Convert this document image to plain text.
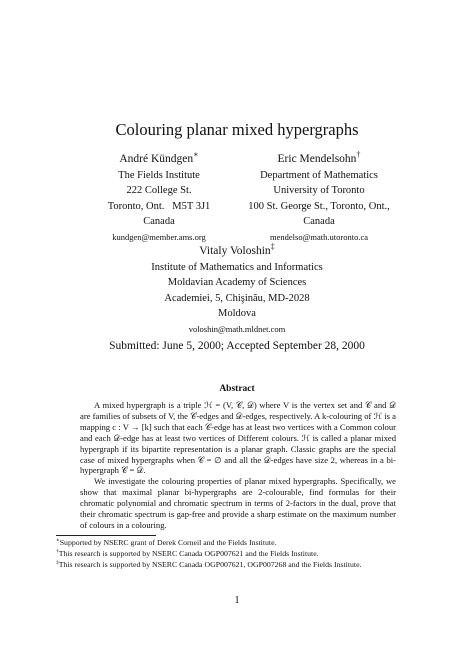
Colouring planar mixed hypergraphs
André Kündgen∗
The Fields Institute
222 College St.
Toronto, Ont.   M5T 3J1
Canada
kundgen@member.ams.org
Eric Mendelsohn†
Department of Mathematics
University of Toronto
100 St. George St., Toronto, Ont.,
Canada
mendelso@math.utoronto.ca
Vitaly Voloshin‡
Institute of Mathematics and Informatics
Moldavian Academy of Sciences
Academiei, 5, Chişinău, MD-2028
Moldova
voloshin@math.mldnet.com
Submitted: June 5, 2000; Accepted September 28, 2000
Abstract

A mixed hypergraph is a triple ℋ = (V, 𝒞, 𝒟) where V is the vertex set and 𝒞 and 𝒟 are families of subsets of V, the 𝒞-edges and 𝒟-edges, respectively. A k-colouring of ℋ is a mapping c : V → [k] such that each 𝒞-edge has at least two vertices with a Common colour and each 𝒟-edge has at least two vertices of Different colours. ℋ is called a planar mixed hypergraph if its bipartite representation is a planar graph. Classic graphs are the special case of mixed hypergraphs when 𝒞 = ∅ and all the 𝒟-edges have size 2, whereas in a bi-hypergraph 𝒞 = 𝒟.

We investigate the colouring properties of planar mixed hypergraphs. Specifically, we show that maximal planar bi-hypergraphs are 2-colourable, find formulas for their chromatic polynomial and chromatic spectrum in terms of 2-factors in the dual, prove that their chromatic spectrum is gap-free and provide a sharp estimate on the maximum number of colours in a colouring.

∗Supported by NSERC grant of Derek Corneil and the Fields Institute.
†This research is supported by NSERC Canada OGP007621 and the Fields Institute.
‡This research is supported by NSERC Canada OGP007621, OGP007268 and the Fields Institute.
1
